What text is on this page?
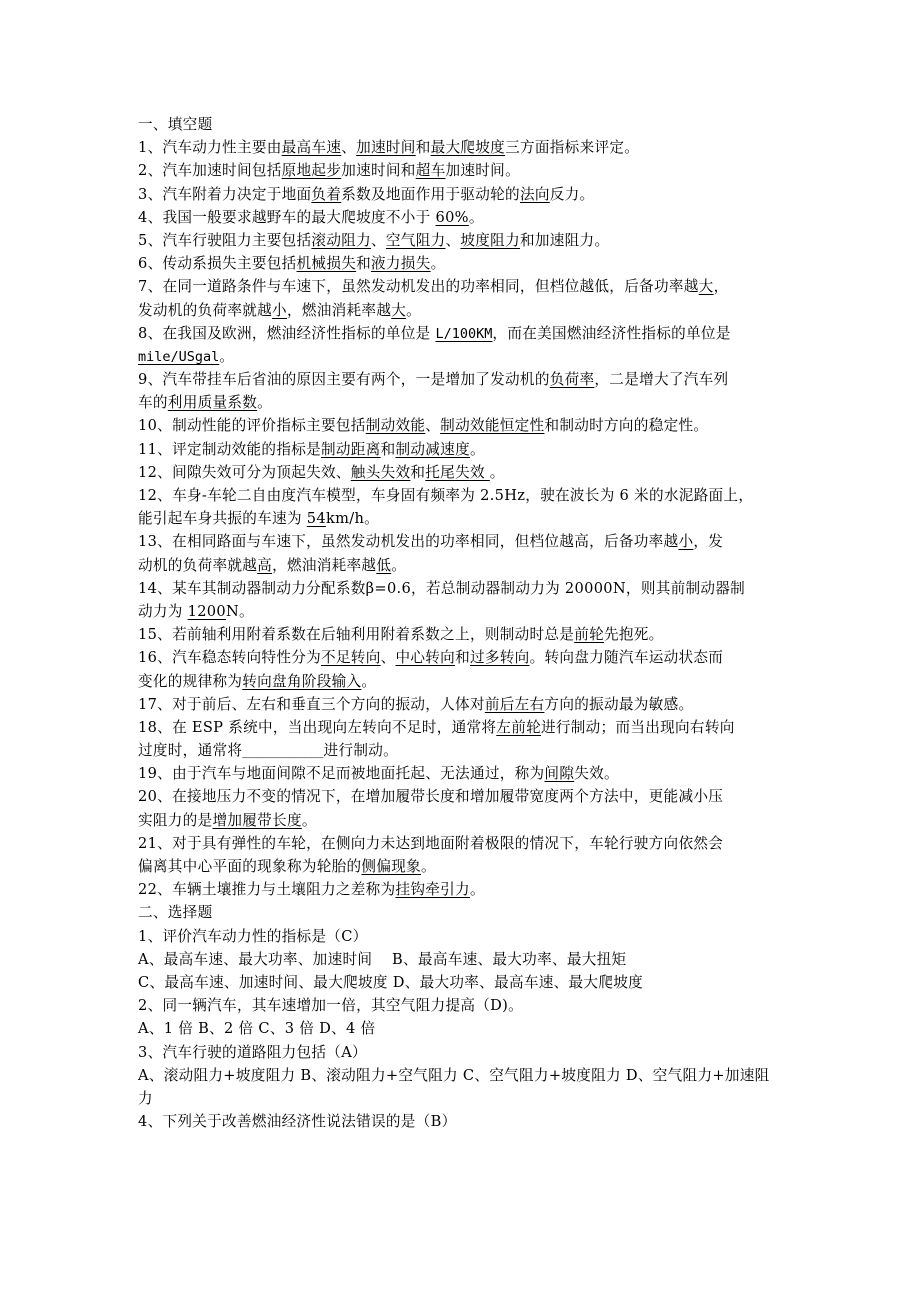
一、填空题
1、汽车动力性主要由最高车速、加速时间和最大爬坡度三方面指标来评定。
2、汽车加速时间包括原地起步加速时间和超车加速时间。
3、汽车附着力决定于地面负着系数及地面作用于驱动轮的法向反力。
4、我国一般要求越野车的最大爬坡度不小于 60%。
5、汽车行驶阻力主要包括滚动阻力、空气阻力、坡度阻力和加速阻力。
6、传动系损失主要包括机械损失和液力损失。
7、在同一道路条件与车速下，虽然发动机发出的功率相同，但档位越低，后备功率越大，
发动机的负荷率就越小，燃油消耗率越大。
8、在我国及欧洲，燃油经济性指标的单位是 L/100KM，而在美国燃油经济性指标的单位是
mile/USgal。
9、汽车带挂车后省油的原因主要有两个，一是增加了发动机的负荷率，二是增大了汽车列
车的利用质量系数。
10、制动性能的评价指标主要包括制动效能、制动效能恒定性和制动时方向的稳定性。
11、评定制动效能的指标是制动距离和制动减速度。
12、间隙失效可分为顶起失效、触头失效和托尾失效 。
12、车身-车轮二自由度汽车模型，车身固有频率为 2.5Hz，驶在波长为 6 米的水泥路面上，
能引起车身共振的车速为 54km/h。
13、在相同路面与车速下，虽然发动机发出的功率相同，但档位越高，后备功率越小，发
动机的负荷率就越高，燃油消耗率越低。
14、某车其制动器制动力分配系数β=0.6，若总制动器制动力为 20000N，则其前制动器制
动力为 1200N。
15、若前轴利用附着系数在后轴利用附着系数之上，则制动时总是前轮先抱死。
16、汽车稳态转向特性分为不足转向、中心转向和过多转向。转向盘力随汽车运动状态而
变化的规律称为转向盘角阶段输入。
17、对于前后、左右和垂直三个方向的振动，人体对前后左右方向的振动最为敏感。
18、在 ESP 系统中，当出现向左转向不足时，通常将左前轮进行制动；而当出现向右转向
过度时，通常将__________进行制动。
19、由于汽车与地面间隙不足而被地面托起、无法通过，称为间隙失效。
20、在接地压力不变的情况下，在增加履带长度和增加履带宽度两个方法中，更能减小压
实阻力的是增加履带长度。
21、对于具有弹性的车轮，在侧向力未达到地面附着极限的情况下，车轮行驶方向依然会
偏离其中心平面的现象称为轮胎的侧偏现象。
22、车辆土壤推力与土壤阻力之差称为挂钩牵引力。
二、选择题
1、评价汽车动力性的指标是（C）
A、最高车速、最大功率、加速时间    B、最高车速、最大功率、最大扭矩
C、最高车速、加速时间、最大爬坡度 D、最大功率、最高车速、最大爬坡度
2、同一辆汽车，其车速增加一倍，其空气阻力提高（D)。
A、1 倍 B、2 倍 C、3 倍 D、4 倍
3、汽车行驶的道路阻力包括（A）
A、滚动阻力+坡度阻力 B、滚动阻力+空气阻力 C、空气阻力+坡度阻力 D、空气阻力+加速阻
力
4、下列关于改善燃油经济性说法错误的是（B）
